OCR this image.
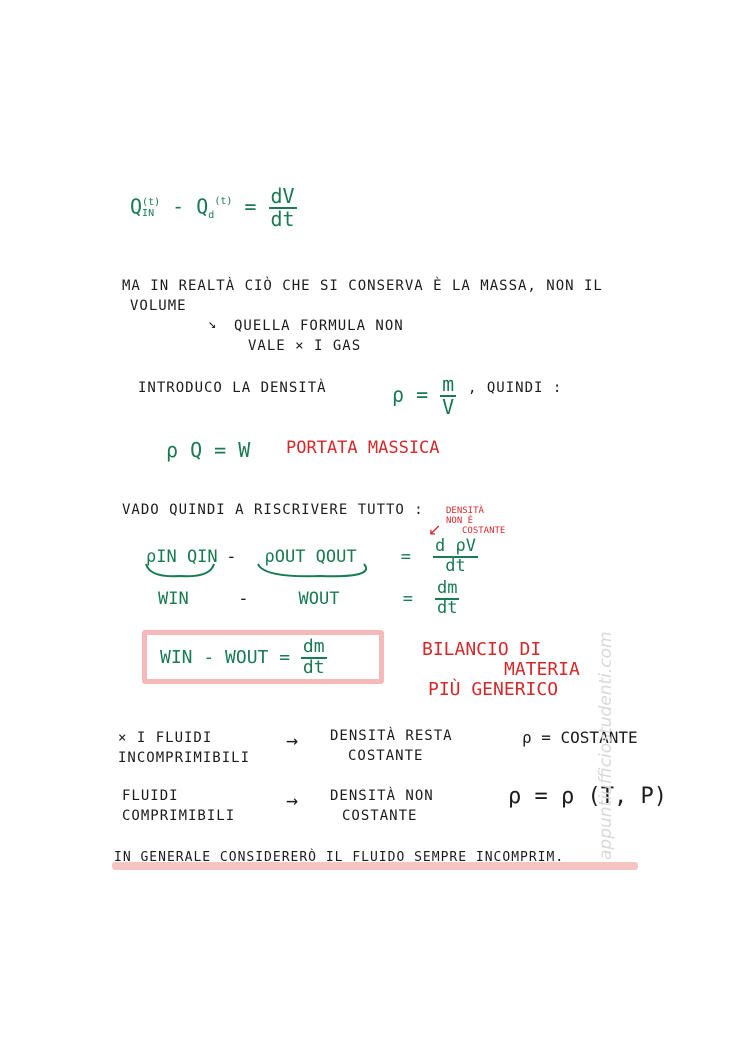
Q (t)
IN - $Q_d^{(t)} = \frac{dV}{dt}$
MA IN REALTÀ CIÒ CHE SI CONSERVA È LA MASSA, NON IL
VOLUME
↘ QUELLA FORMULA NON
VALE × I GAS
INTRODUCO LA DENSITÀ	$\rho = \frac{m}{V}$ , QUINDI :
ρ Q = W PORTATA MASSICA
VADO QUINDI A RISCRIVERE TUTTO : DENSITÀ
NON È
COSTANTE
↙
ρIN QIN - ρOUT QOUT	= $\frac{\text{d ρV}}{dt}$
WIN	-	WOUT	= $\frac{dm}{dt}$
WIN - WOUT = $\frac{dm}{dt}$	BILANCIO DI
MATERIA
PIÙ GENERICO
× I FLUIDI
INCOMPRIMIBILI
→ DENSITÀ RESTA
COSTANTE
ρ = COSTANTE
FLUIDI
COMPRIMIBILI
→ DENSITÀ NON
COSTANTE
ρ = ρ (T, P)
IN GENERALE CONSIDERERÒ IL FLUIDO SEMPRE INCOMPRIM. appuntiufficiostudenti.com
